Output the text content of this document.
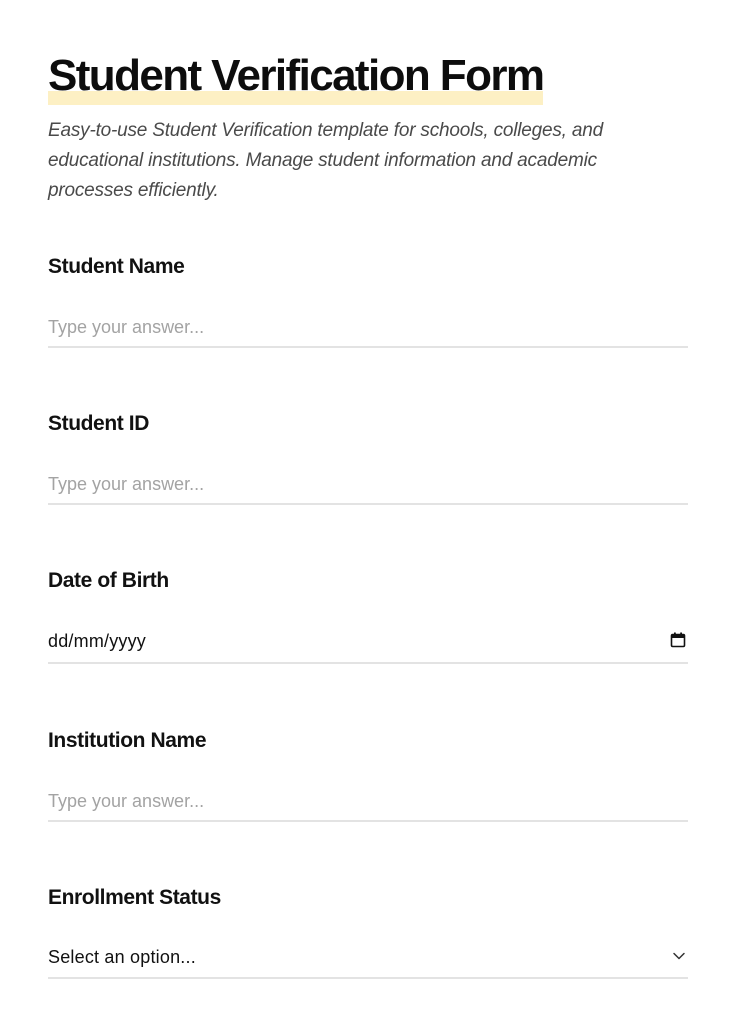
Student Verification Form

Easy-to-use Student Verification template for schools, colleges, and educational institutions. Manage student information and academic processes efficiently.

Student Name
Type your answer...
Student ID
Type your answer...
Date of Birth
dd/mm/yyyy
Institution Name
Type your answer...
Enrollment Status
Select an option...
